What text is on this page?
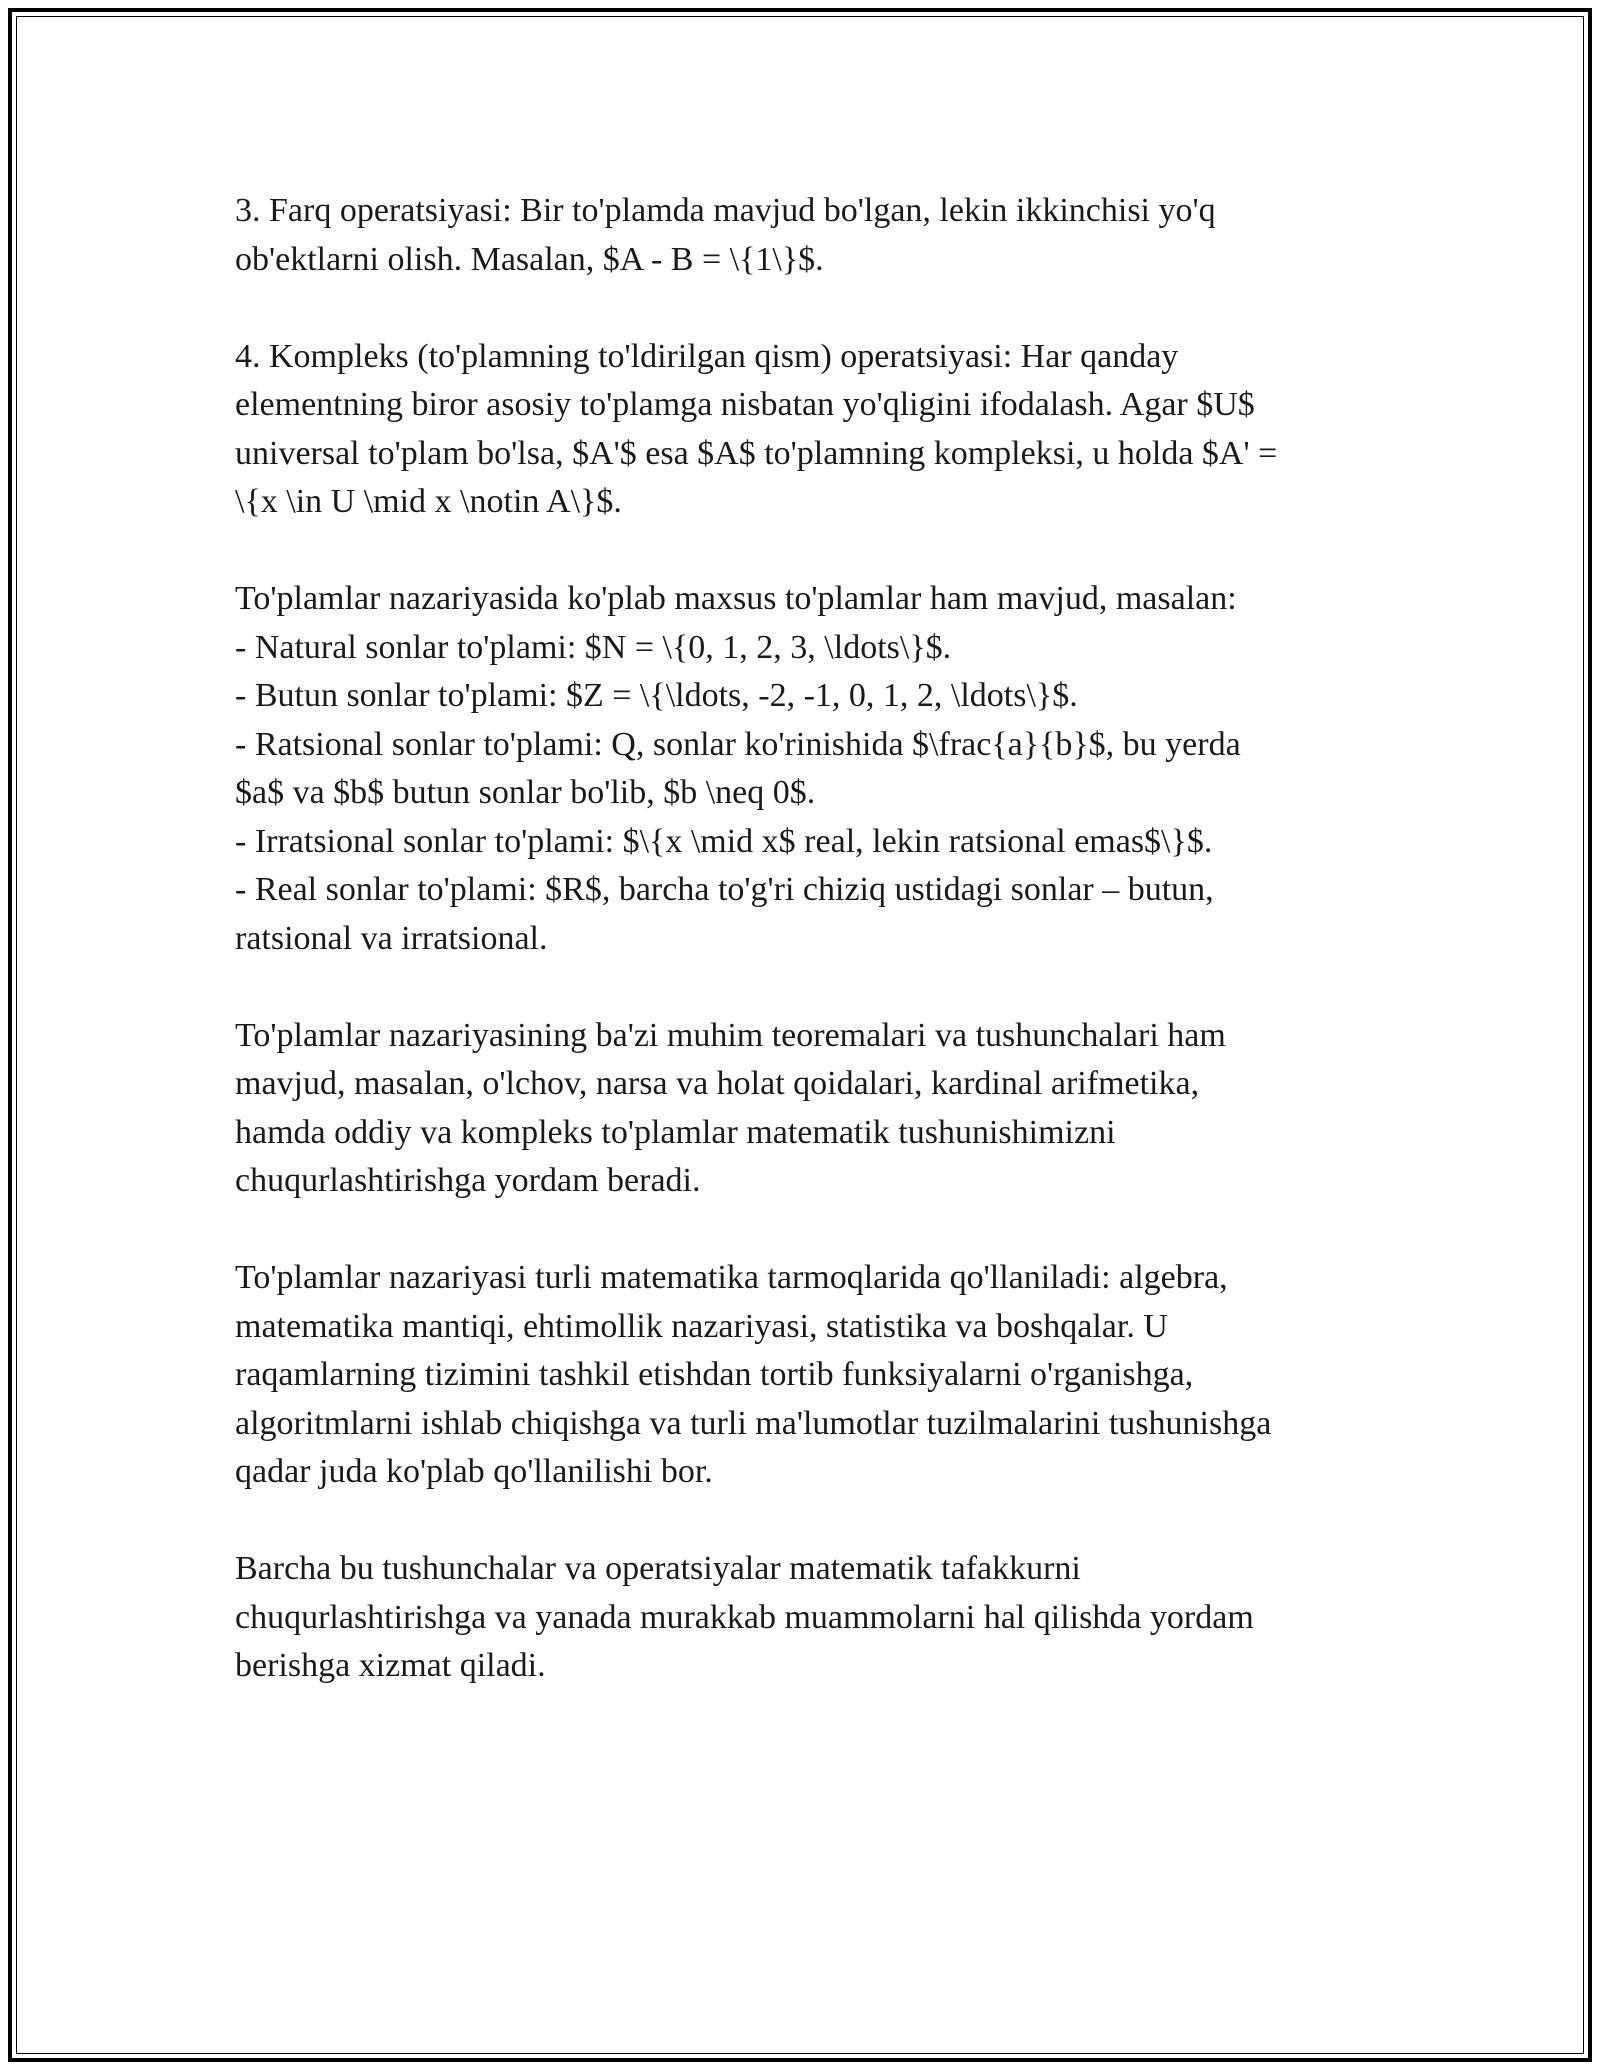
3. Farq operatsiyasi: Bir to'plamda mavjud bo'lgan, lekin ikkinchisi yo'q
ob'ektlarni olish. Masalan, $A - B = \{1\}$.
4. Kompleks (to'plamning to'ldirilgan qism) operatsiyasi: Har qanday
elementning biror asosiy to'plamga nisbatan yo'qligini ifodalash. Agar $U$
universal to'plam bo'lsa, $A'$ esa $A$ to'plamning kompleksi, u holda $A' =
\{x \in U \mid x \notin A\}$.
To'plamlar nazariyasida ko'plab maxsus to'plamlar ham mavjud, masalan:
- Natural sonlar to'plami: $N = \{0, 1, 2, 3, \ldots\}$.
- Butun sonlar to'plami: $Z = \{\ldots, -2, -1, 0, 1, 2, \ldots\}$.
- Ratsional sonlar to'plami: Q, sonlar ko'rinishida $\frac{a}{b}$, bu yerda
$a$ va $b$ butun sonlar bo'lib, $b \neq 0$.
- Irratsional sonlar to'plami: $\{x \mid x$ real, lekin ratsional emas$\}$.
- Real sonlar to'plami: $R$, barcha to'g'ri chiziq ustidagi sonlar – butun,
ratsional va irratsional.
To'plamlar nazariyasining ba'zi muhim teoremalari va tushunchalari ham
mavjud, masalan, o'lchov, narsa va holat qoidalari, kardinal arifmetika,
hamda oddiy va kompleks to'plamlar matematik tushunishimizni
chuqurlashtirishga yordam beradi.
To'plamlar nazariyasi turli matematika tarmoqlarida qo'llaniladi: algebra,
matematika mantiqi, ehtimollik nazariyasi, statistika va boshqalar. U
raqamlarning tizimini tashkil etishdan tortib funksiyalarni o'rganishga,
algoritmlarni ishlab chiqishga va turli ma'lumotlar tuzilmalarini tushunishga
qadar juda ko'plab qo'llanilishi bor.
Barcha bu tushunchalar va operatsiyalar matematik tafakkurni
chuqurlashtirishga va yanada murakkab muammolarni hal qilishda yordam
berishga xizmat qiladi.
